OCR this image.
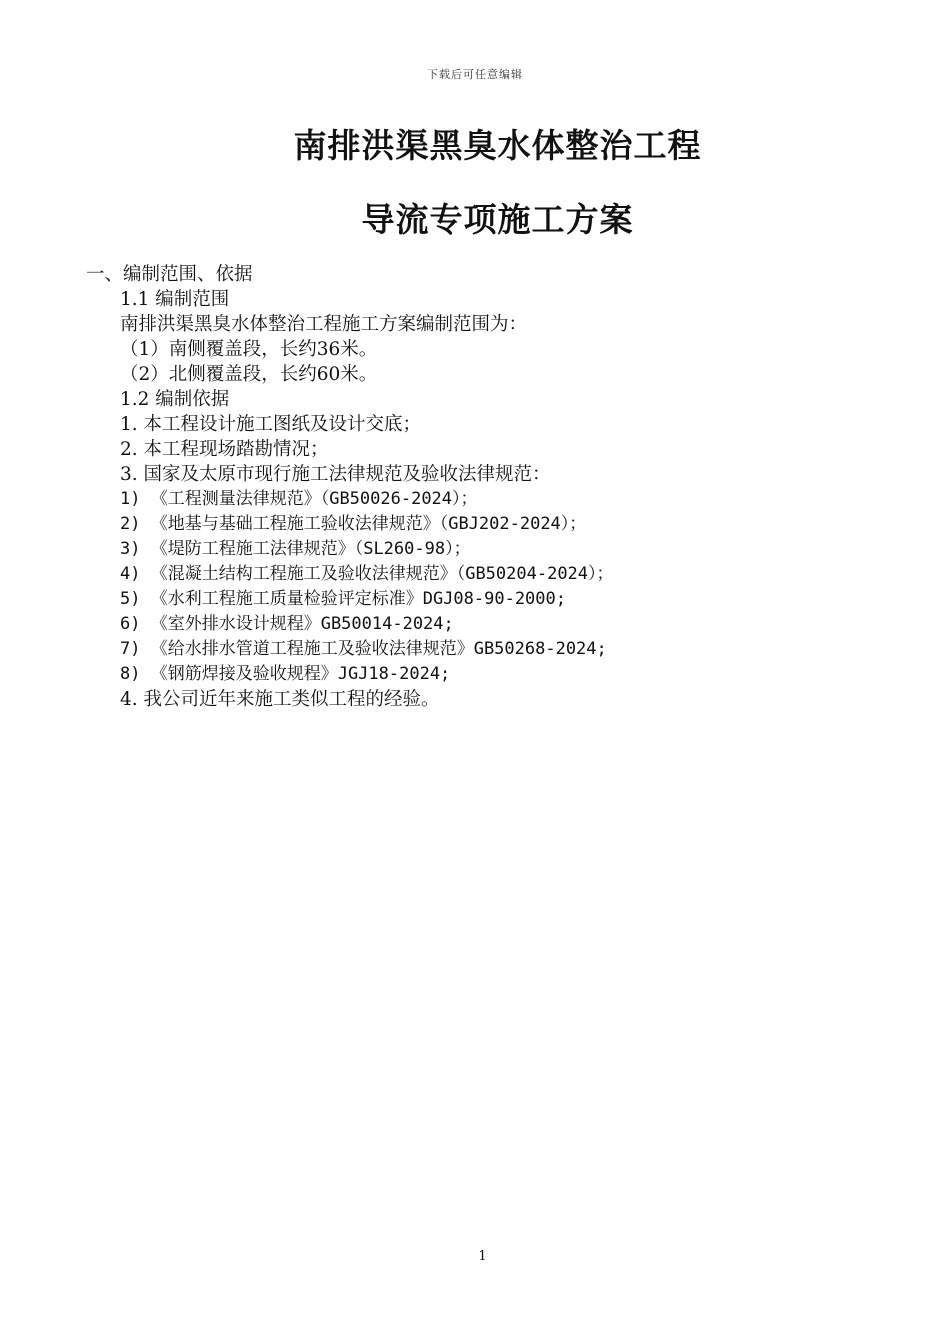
下载后可任意编辑
南排洪渠黑臭水体整治工程
导流专项施工方案
一、编制范围、依据
1.1 编制范围
南排洪渠黑臭水体整治工程施工方案编制范围为：
（1）南侧覆盖段，长约36米。
（2）北侧覆盖段，长约60米。
1.2 编制依据
1. 本工程设计施工图纸及设计交底；
2. 本工程现场踏勘情况；
3. 国家及太原市现行施工法律规范及验收法律规范：
1) 《工程测量法律规范》（GB50026-2024）；
2) 《地基与基础工程施工验收法律规范》（GBJ202-2024）；
3) 《堤防工程施工法律规范》（SL260-98）；
4) 《混凝土结构工程施工及验收法律规范》（GB50204-2024）；
5) 《水利工程施工质量检验评定标准》DGJ08-90-2000;
6) 《室外排水设计规程》GB50014-2024;
7) 《给水排水管道工程施工及验收法律规范》GB50268-2024;
8) 《钢筋焊接及验收规程》JGJ18-2024;
4. 我公司近年来施工类似工程的经验。
1
